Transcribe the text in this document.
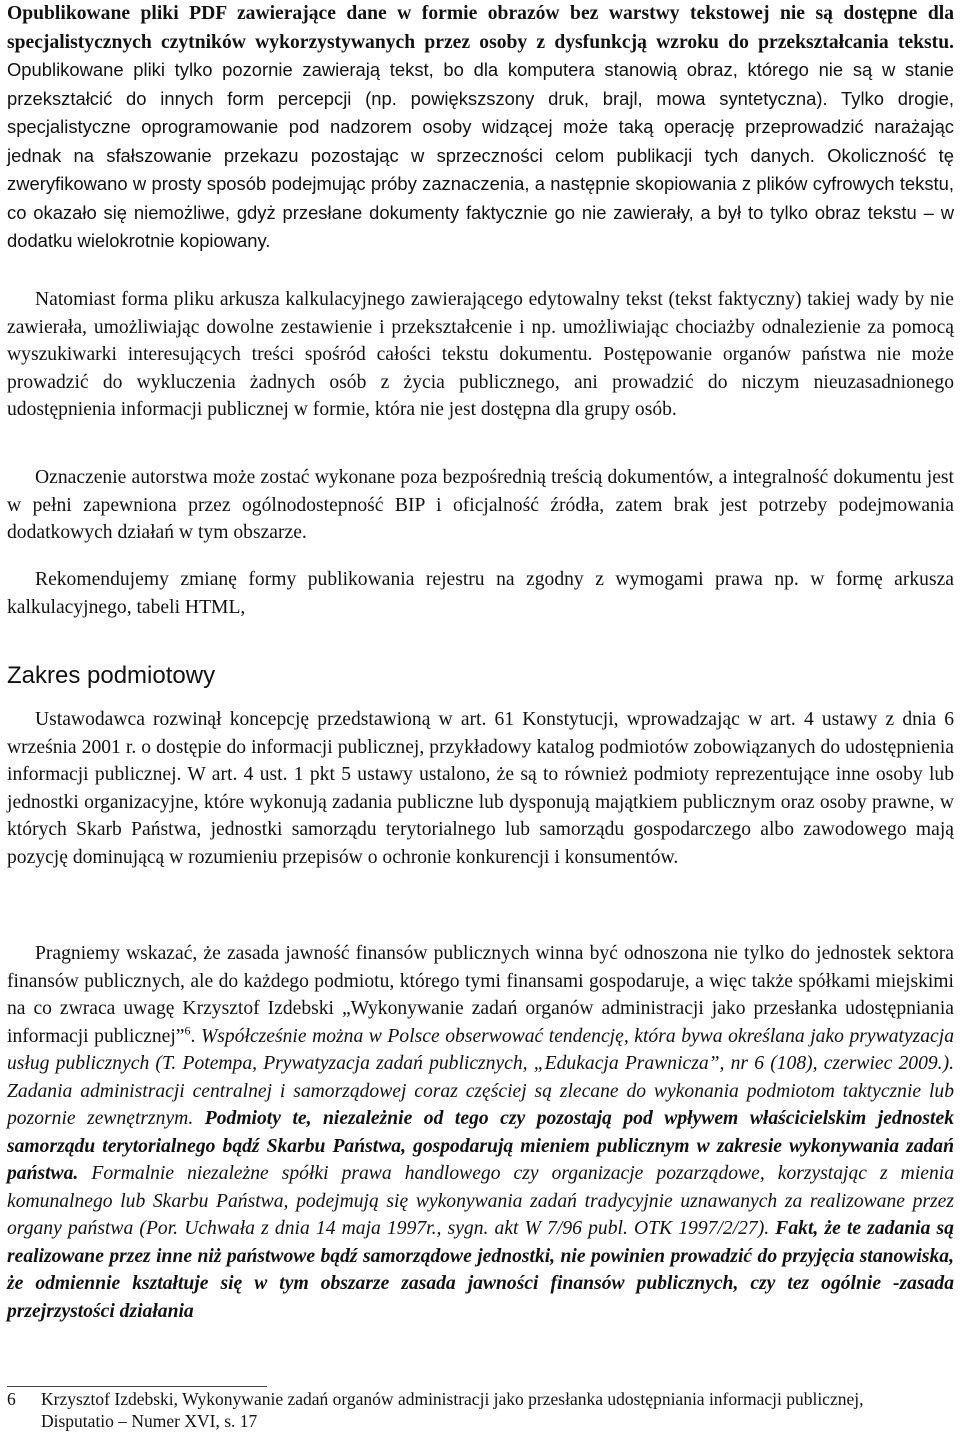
Opublikowane pliki PDF zawierające dane w formie obrazów bez warstwy tekstowej nie są dostępne dla specjalistycznych czytników wykorzystywanych przez osoby z dysfunkcją wzroku do przekształcania tekstu. Opublikowane pliki tylko pozornie zawierają tekst, bo dla komputera stanowią obraz, którego nie są w stanie przekształcić do innych form percepcji (np. powiększszony druk, brajl, mowa syntetyczna). Tylko drogie, specjalistyczne oprogramowanie pod nadzorem osoby widzącej może taką operację przeprowadzić narażając jednak na sfałszowanie przekazu pozostając w sprzeczności celom publikacji tych danych. Okoliczność tę zweryfikowano w prosty sposób podejmując próby zaznaczenia, a następnie skopiowania z plików cyfrowych tekstu, co okazało się niemożliwe, gdyż przesłane dokumenty faktycznie go nie zawierały, a był to tylko obraz tekstu – w dodatku wielokrotnie kopiowany.

Natomiast forma pliku arkusza kalkulacyjnego zawierającego edytowalny tekst (tekst faktyczny) takiej wady by nie zawierała, umożliwiając dowolne zestawienie i przekształcenie i np. umożliwiając chociażby odnalezienie za pomocą wyszukiwarki interesujących treści spośród całości tekstu dokumentu. Postępowanie organów państwa nie może prowadzić do wykluczenia żadnych osób z życia publicznego, ani prowadzić do niczym nieuzasadnionego udostępnienia informacji publicznej w formie, która nie jest dostępna dla grupy osób.

Oznaczenie autorstwa może zostać wykonane poza bezpośrednią treścią dokumentów, a integralność dokumentu jest w pełni zapewniona przez ogólnodostepność BIP i oficjalność źródła, zatem brak jest potrzeby podejmowania dodatkowych działań w tym obszarze.

Rekomendujemy zmianę formy publikowania rejestru na zgodny z wymogami prawa np. w formę arkusza kalkulacyjnego, tabeli HTML,

Zakres podmiotowy

Ustawodawca rozwinął koncepcję przedstawioną w art. 61 Konstytucji, wprowadzając w art. 4 ustawy z dnia 6 września 2001 r. o dostępie do informacji publicznej, przykładowy katalog podmiotów zobowiązanych do udostępnienia informacji publicznej. W art. 4 ust. 1 pkt 5 ustawy ustalono, że są to również podmioty reprezentujące inne osoby lub jednostki organizacyjne, które wykonują zadania publiczne lub dysponują majątkiem publicznym oraz osoby prawne, w których Skarb Państwa, jednostki samorządu terytorialnego lub samorządu gospodarczego albo zawodowego mają pozycję dominującą w rozumieniu przepisów o ochronie konkurencji i konsumentów.

Pragniemy wskazać, że zasada jawność finansów publicznych winna być odnoszona nie tylko do jednostek sektora finansów publicznych, ale do każdego podmiotu, którego tymi finansami gospodaruje, a więc także spółkami miejskimi na co zwraca uwagę Krzysztof Izdebski „Wykonywanie zadań organów administracji jako przesłanka udostępniania informacji publicznej”$^6$. Współcześnie można w Polsce obserwować tendencję, która bywa określana jako prywatyzacja usług publicznych (T. Potempa, Prywatyzacja zadań publicznych, „Edukacja Prawnicza”, nr 6 (108), czerwiec 2009.). Zadania administracji centralnej i samorządowej coraz częściej są zlecane do wykonania podmiotom taktycznie lub pozornie zewnętrznym. Podmioty te, niezależnie od tego czy pozostają pod wpływem właścicielskim jednostek samorządu terytorialnego bądź Skarbu Państwa, gospodarują mieniem publicznym w zakresie wykonywania zadań państwa. Formalnie niezależne spółki prawa handlowego czy organizacje pozarządowe, korzystając z mienia komunalnego lub Skarbu Państwa, podejmują się wykonywania zadań tradycyjnie uznawanych za realizowane przez organy państwa (Por. Uchwała z dnia 14 maja 1997r., sygn. akt W 7/96 publ. OTK 1997/2/27). Fakt, że te zadania są realizowane przez inne niż państwowe bądź samorządowe jednostki, nie powinien prowadzić do przyjęcia stanowiska, że odmiennie kształtuje się w tym obszarze zasada jawności finansów publicznych, czy tez ogólnie -zasada przejrzystości działania

6 Krzysztof Izdebski, Wykonywanie zadań organów administracji jako przesłanka udostępniania informacji publicznej, Disputatio – Numer XVI, s. 17
